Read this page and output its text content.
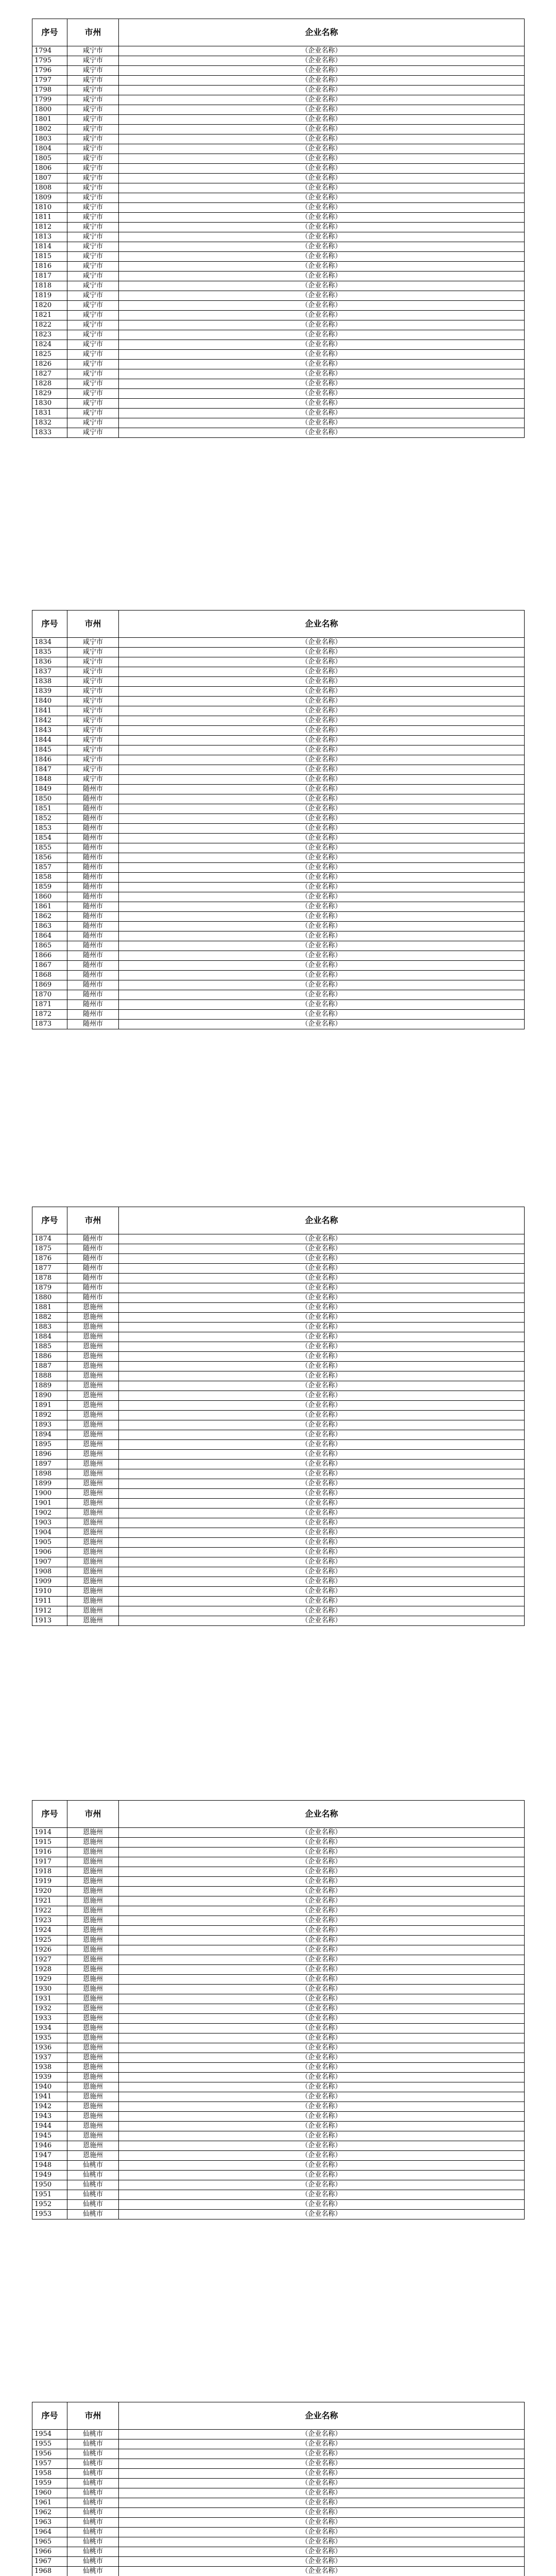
序号	市州	企业名称
1794	咸宁市	（企业名称）
1795	咸宁市	（企业名称）
1796	咸宁市	（企业名称）
1797	咸宁市	（企业名称）
1798	咸宁市	（企业名称）
1799	咸宁市	（企业名称）
1800	咸宁市	（企业名称）
1801	咸宁市	（企业名称）
1802	咸宁市	（企业名称）
1803	咸宁市	（企业名称）
1804	咸宁市	（企业名称）
1805	咸宁市	（企业名称）
1806	咸宁市	（企业名称）
1807	咸宁市	（企业名称）
1808	咸宁市	（企业名称）
1809	咸宁市	（企业名称）
1810	咸宁市	（企业名称）
1811	咸宁市	（企业名称）
1812	咸宁市	（企业名称）
1813	咸宁市	（企业名称）
1814	咸宁市	（企业名称）
1815	咸宁市	（企业名称）
1816	咸宁市	（企业名称）
1817	咸宁市	（企业名称）
1818	咸宁市	（企业名称）
1819	咸宁市	（企业名称）
1820	咸宁市	（企业名称）
1821	咸宁市	（企业名称）
1822	咸宁市	（企业名称）
1823	咸宁市	（企业名称）
1824	咸宁市	（企业名称）
1825	咸宁市	（企业名称）
1826	咸宁市	（企业名称）
1827	咸宁市	（企业名称）
1828	咸宁市	（企业名称）
1829	咸宁市	（企业名称）
1830	咸宁市	（企业名称）
1831	咸宁市	（企业名称）
1832	咸宁市	（企业名称）
1833	咸宁市	（企业名称）
序号	市州	企业名称
1834	咸宁市	（企业名称）
1835	咸宁市	（企业名称）
1836	咸宁市	（企业名称）
1837	咸宁市	（企业名称）
1838	咸宁市	（企业名称）
1839	咸宁市	（企业名称）
1840	咸宁市	（企业名称）
1841	咸宁市	（企业名称）
1842	咸宁市	（企业名称）
1843	咸宁市	（企业名称）
1844	咸宁市	（企业名称）
1845	咸宁市	（企业名称）
1846	咸宁市	（企业名称）
1847	咸宁市	（企业名称）
1848	咸宁市	（企业名称）
1849	随州市	（企业名称）
1850	随州市	（企业名称）
1851	随州市	（企业名称）
1852	随州市	（企业名称）
1853	随州市	（企业名称）
1854	随州市	（企业名称）
1855	随州市	（企业名称）
1856	随州市	（企业名称）
1857	随州市	（企业名称）
1858	随州市	（企业名称）
1859	随州市	（企业名称）
1860	随州市	（企业名称）
1861	随州市	（企业名称）
1862	随州市	（企业名称）
1863	随州市	（企业名称）
1864	随州市	（企业名称）
1865	随州市	（企业名称）
1866	随州市	（企业名称）
1867	随州市	（企业名称）
1868	随州市	（企业名称）
1869	随州市	（企业名称）
1870	随州市	（企业名称）
1871	随州市	（企业名称）
1872	随州市	（企业名称）
1873	随州市	（企业名称）
序号	市州	企业名称
1874	随州市	（企业名称）
1875	随州市	（企业名称）
1876	随州市	（企业名称）
1877	随州市	（企业名称）
1878	随州市	（企业名称）
1879	随州市	（企业名称）
1880	随州市	（企业名称）
1881	恩施州	（企业名称）
1882	恩施州	（企业名称）
1883	恩施州	（企业名称）
1884	恩施州	（企业名称）
1885	恩施州	（企业名称）
1886	恩施州	（企业名称）
1887	恩施州	（企业名称）
1888	恩施州	（企业名称）
1889	恩施州	（企业名称）
1890	恩施州	（企业名称）
1891	恩施州	（企业名称）
1892	恩施州	（企业名称）
1893	恩施州	（企业名称）
1894	恩施州	（企业名称）
1895	恩施州	（企业名称）
1896	恩施州	（企业名称）
1897	恩施州	（企业名称）
1898	恩施州	（企业名称）
1899	恩施州	（企业名称）
1900	恩施州	（企业名称）
1901	恩施州	（企业名称）
1902	恩施州	（企业名称）
1903	恩施州	（企业名称）
1904	恩施州	（企业名称）
1905	恩施州	（企业名称）
1906	恩施州	（企业名称）
1907	恩施州	（企业名称）
1908	恩施州	（企业名称）
1909	恩施州	（企业名称）
1910	恩施州	（企业名称）
1911	恩施州	（企业名称）
1912	恩施州	（企业名称）
1913	恩施州	（企业名称）
序号	市州	企业名称
1914	恩施州	（企业名称）
1915	恩施州	（企业名称）
1916	恩施州	（企业名称）
1917	恩施州	（企业名称）
1918	恩施州	（企业名称）
1919	恩施州	（企业名称）
1920	恩施州	（企业名称）
1921	恩施州	（企业名称）
1922	恩施州	（企业名称）
1923	恩施州	（企业名称）
1924	恩施州	（企业名称）
1925	恩施州	（企业名称）
1926	恩施州	（企业名称）
1927	恩施州	（企业名称）
1928	恩施州	（企业名称）
1929	恩施州	（企业名称）
1930	恩施州	（企业名称）
1931	恩施州	（企业名称）
1932	恩施州	（企业名称）
1933	恩施州	（企业名称）
1934	恩施州	（企业名称）
1935	恩施州	（企业名称）
1936	恩施州	（企业名称）
1937	恩施州	（企业名称）
1938	恩施州	（企业名称）
1939	恩施州	（企业名称）
1940	恩施州	（企业名称）
1941	恩施州	（企业名称）
1942	恩施州	（企业名称）
1943	恩施州	（企业名称）
1944	恩施州	（企业名称）
1945	恩施州	（企业名称）
1946	恩施州	（企业名称）
1947	恩施州	（企业名称）
1948	仙桃市	（企业名称）
1949	仙桃市	（企业名称）
1950	仙桃市	（企业名称）
1951	仙桃市	（企业名称）
1952	仙桃市	（企业名称）
1953	仙桃市	（企业名称）
序号	市州	企业名称
1954	仙桃市	（企业名称）
1955	仙桃市	（企业名称）
1956	仙桃市	（企业名称）
1957	仙桃市	（企业名称）
1958	仙桃市	（企业名称）
1959	仙桃市	（企业名称）
1960	仙桃市	（企业名称）
1961	仙桃市	（企业名称）
1962	仙桃市	（企业名称）
1963	仙桃市	（企业名称）
1964	仙桃市	（企业名称）
1965	仙桃市	（企业名称）
1966	仙桃市	（企业名称）
1967	仙桃市	（企业名称）
1968	仙桃市	（企业名称）
